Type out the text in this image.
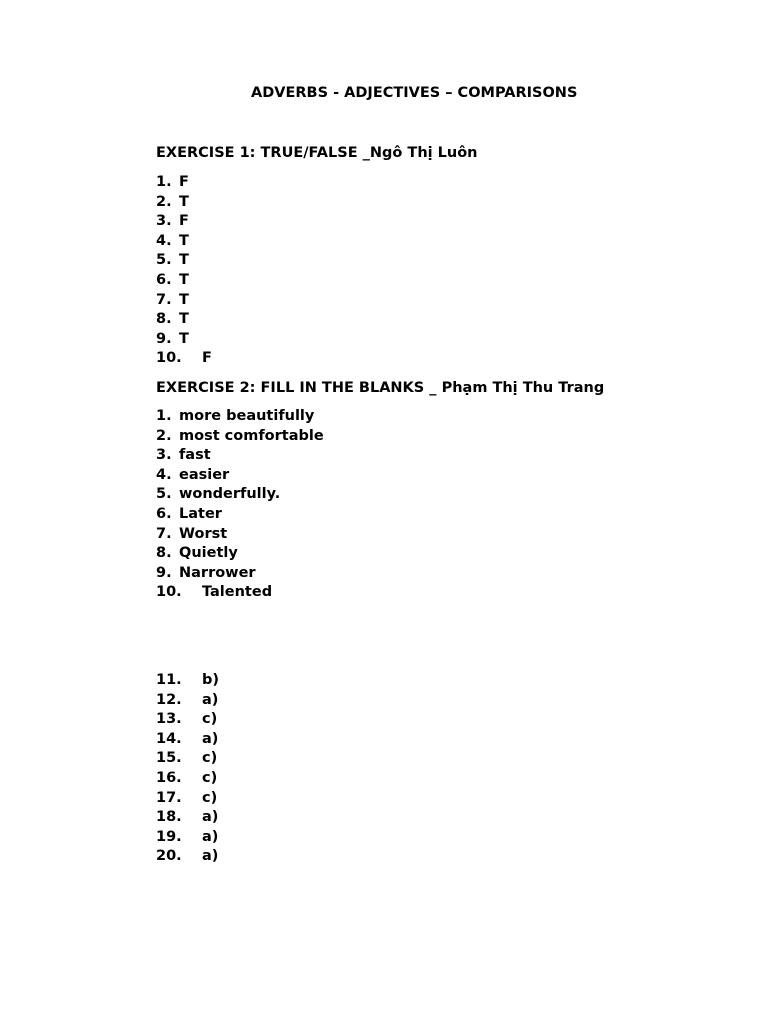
ADVERBS - ADJECTIVES – COMPARISONS
EXERCISE 1: TRUE/FALSE _Ngô Thị Luôn
1. F
2. T
3. F
4. T
5. T
6. T
7. T
8. T
9. T
10. F
EXERCISE 2: FILL IN THE BLANKS _ Phạm Thị Thu Trang
1. more beautifully
2. most comfortable
3. fast
4. easier
5. wonderfully.
6. Later
7. Worst
8. Quietly
9. Narrower
10. Talented
11. b)
12. a)
13. c)
14. a)
15. c)
16. c)
17. c)
18. a)
19. a)
20. a)
